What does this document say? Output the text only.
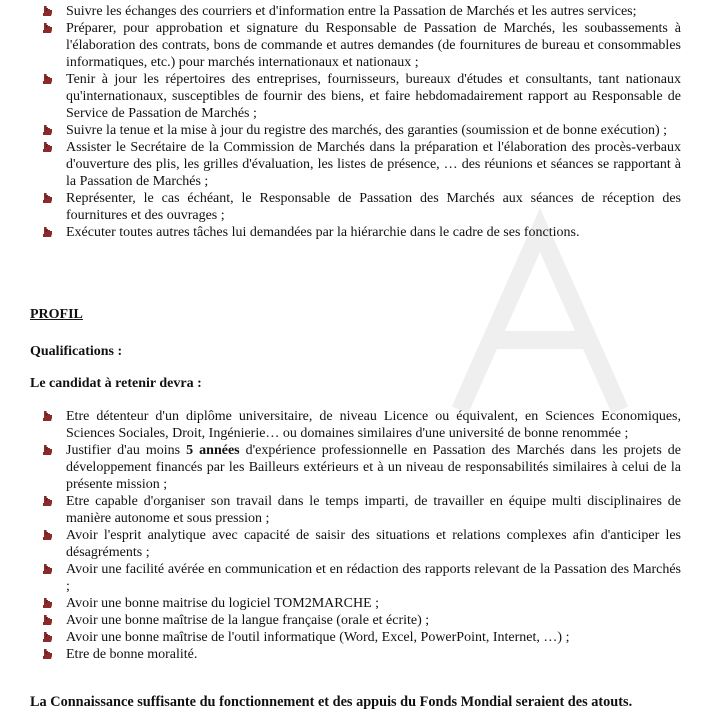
Suivre les échanges des courriers et d'information entre la Passation de Marchés et les autres services;
Préparer, pour approbation et signature du Responsable de Passation de Marchés, les soubassements à l'élaboration des contrats, bons de commande et autres demandes (de fournitures de bureau et consommables informatiques, etc.) pour marchés internationaux et nationaux ;
Tenir à jour les répertoires des entreprises, fournisseurs, bureaux d'études et consultants, tant nationaux qu'internationaux, susceptibles de fournir des biens, et faire hebdomadairement rapport au Responsable de Service de Passation de Marchés ;
Suivre la tenue et la mise à jour du registre des marchés, des garanties (soumission et de bonne exécution) ;
Assister le Secrétaire de la Commission de Marchés dans la préparation et l'élaboration des procès-verbaux d'ouverture des plis, les grilles d'évaluation, les listes de présence, … des réunions et séances se rapportant à la Passation de Marchés ;
Représenter, le cas échéant, le Responsable de Passation des Marchés aux séances de réception des fournitures et des ouvrages ;
Exécuter toutes autres tâches lui demandées par la hiérarchie dans le cadre de ses fonctions.
PROFIL
Qualifications :
Le candidat à retenir devra :
Etre détenteur d'un diplôme universitaire, de niveau Licence ou équivalent, en Sciences Economiques, Sciences Sociales, Droit, Ingénierie… ou domaines similaires d'une université de bonne renommée ;
Justifier d'au moins 5 années d'expérience professionnelle en Passation des Marchés dans les projets de développement financés par les Bailleurs extérieurs et à un niveau de responsabilités similaires à celui de la présente mission ;
Etre capable d'organiser son travail dans le temps imparti, de travailler en équipe multi disciplinaires de manière autonome et sous pression ;
Avoir l'esprit analytique avec capacité de saisir des situations et relations complexes afin d'anticiper les désagréments ;
Avoir une facilité avérée en communication et en rédaction des rapports relevant de la Passation des Marchés ;
Avoir une bonne maitrise du logiciel TOM2MARCHE ;
Avoir une bonne maîtrise de la langue française (orale et écrite) ;
Avoir une bonne maîtrise de l'outil informatique (Word, Excel, PowerPoint, Internet, …) ;
Etre de bonne moralité.
La Connaissance suffisante du fonctionnement et des appuis du Fonds Mondial seraient des atouts.
